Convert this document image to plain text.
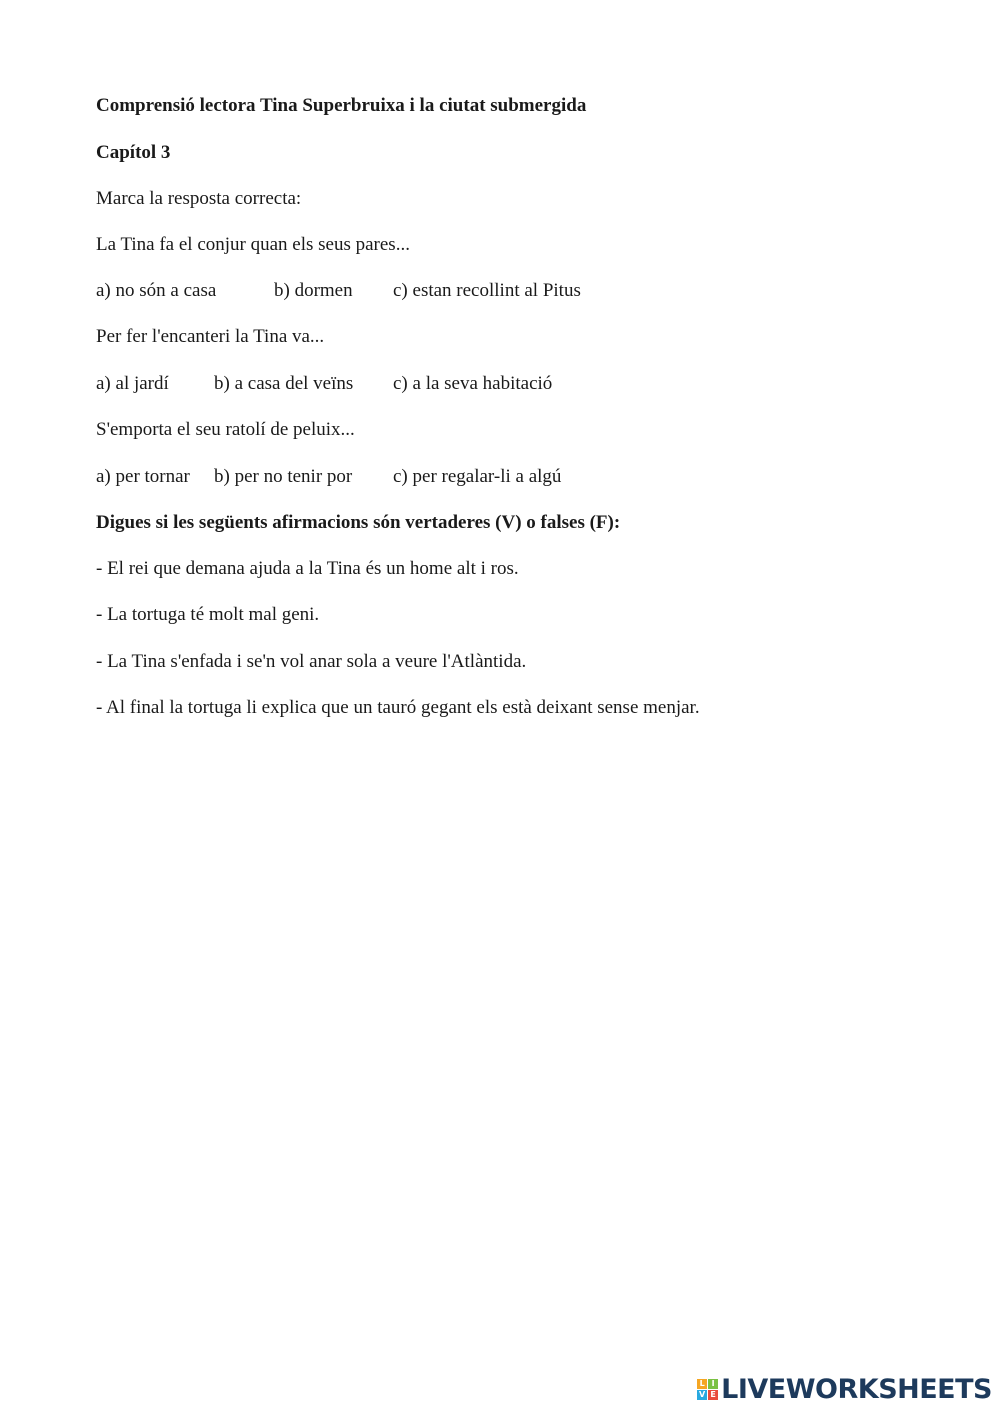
Comprensió lectora Tina Superbruixa i la ciutat submergida
Capítol 3
Marca la resposta correcta:
La Tina fa el conjur quan els seus pares...
a) no són a casa	b) dormen c) estan recollint al Pitus
Per fer l'encanteri la Tina va...
a) al jardí b) a casa del veïns c) a la seva habitació
S'emporta el seu ratolí de peluix...
a) per tornar b) per no tenir por c) per regalar-li a algú
Digues si les següents afirmacions són vertaderes (V) o falses (F):
- El rei que demana ajuda a la Tina és un home alt i ros.
- La tortuga té molt mal geni.
- La Tina s'enfada i se'n vol anar sola a veure l'Atlàntida.
- Al final la tortuga li explica que un tauró gegant els està deixant sense menjar.
L I
V E LIVEWORKSHEETS
